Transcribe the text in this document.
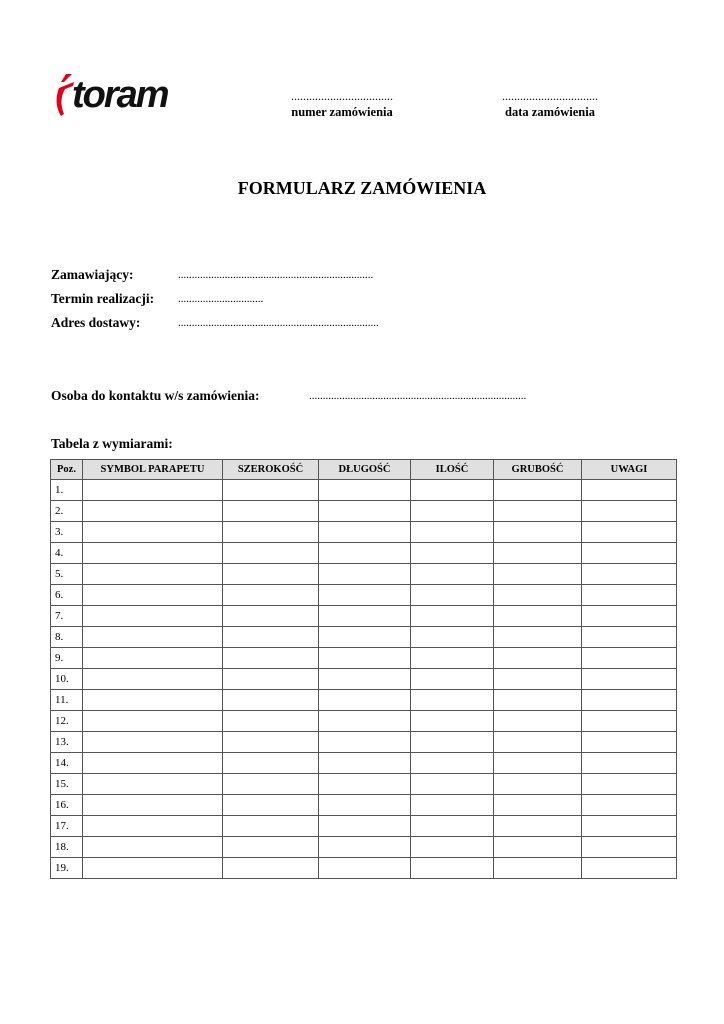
toram	..................................
numer zamówienia
................................
data zamówienia
FORMULARZ ZAMÓWIENIA
Zamawiający:	.......................................................................
Termin realizacji: ...............................
Adres dostawy:	.........................................................................
Osoba do kontaktu w/s zamówienia:	...............................................................................
Tabela z wymiarami:
Poz.	SYMBOL PARAPETU	SZEROKOŚĆ	DŁUGOŚĆ	ILOŚĆ	GRUBOŚĆ	UWAGI
1.						
2.						
3.						
4.						
5.						
6.						
7.						
8.						
9.						
10.						
11.						
12.						
13.						
14.						
15.						
16.						
17.						
18.						
19.						
